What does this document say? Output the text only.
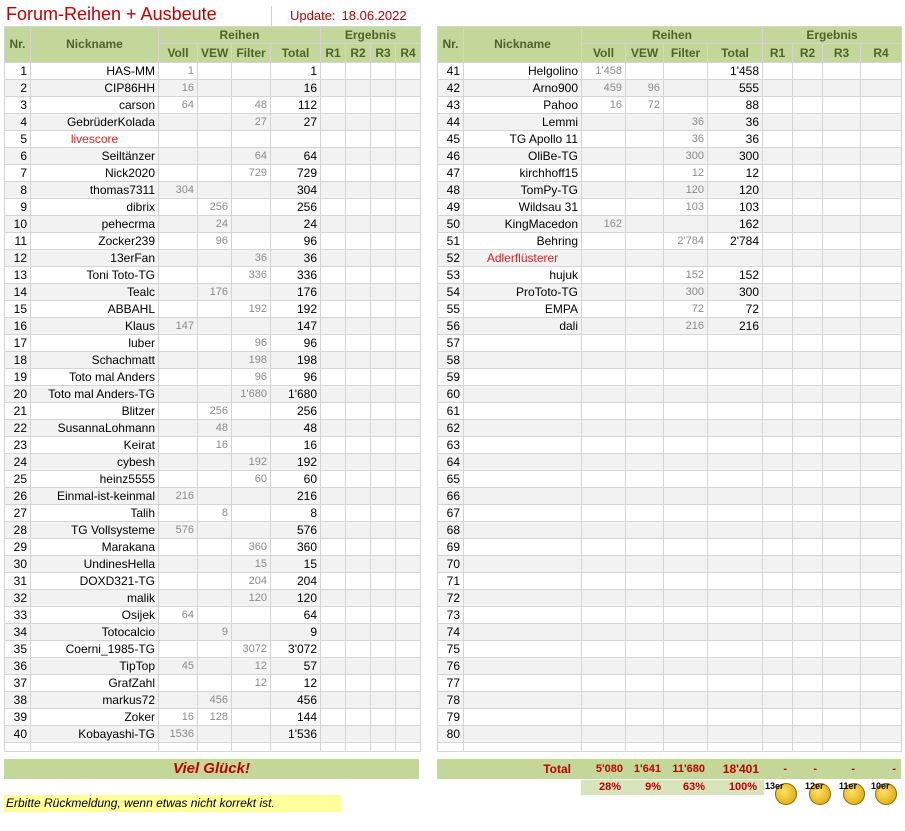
Forum-Reihen + Ausbeute	Update: 18.06.2022
Nr.	Nickname	Reihen				Ergebnis			
		Voll	VEW	Filter	Total	R1	R2	R3	R4
1	HAS-MM	1			1				
2	CIP86HH	16			16				
3	carson	64		48	112				
4	GebrüderKolada			27	27				
5	livescore								
6	Seiltänzer			64	64				
7	Nick2020			729	729				
8	thomas7311	304			304				
9	dibrix		256		256				
10	pehecrma		24		24				
11	Zocker239		96		96				
12	13erFan			36	36				
13	Toni Toto-TG			336	336				
14	Tealc		176		176				
15	ABBAHL			192	192				
16	Klaus	147			147				
17	luber			96	96				
18	Schachmatt			198	198				
19	Toto mal Anders			96	96				
20	Toto mal Anders-TG			1'680	1'680				
21	Blitzer		256		256				
22	SusannaLohmann		48		48				
23	Keirat		16		16				
24	cybesh			192	192				
25	heinz5555			60	60				
26	Einmal-ist-keinmal	216			216				
27	Talih		8		8				
28	TG Vollsysteme	576			576				
29	Marakana			360	360				
30	UndinesHella			15	15				
31	DOXD321-TG			204	204				
32	malik			120	120				
33	Osijek	64			64				
34	Totocalcio		9		9				
35	Coerni_1985-TG			3072	3'072				
36	TipTop	45		12	57				
37	GrafZahl			12	12				
38	markus72		456		456				
39	Zoker	16	128		144				
40	Kobayashi-TG	1536			1'536				

Nr.	Nickname	Reihen				Ergebnis			
		Voll	VEW	Filter	Total	R1	R2	R3	R4
41	Helgolino	1'458			1'458				
42	Arno900	459	96		555				
43	Pahoo	16	72		88				
44	Lemmi			36	36				
45	TG Apollo 11			36	36				
46	OliBe-TG			300	300				
47	kirchhoff15			12	12				
48	TomPy-TG			120	120				
49	Wildsau 31			103	103				
50	KingMacedon	162			162				
51	Behring			2'784	2'784				
52	Adlerflüsterer								
53	hujuk			152	152				
54	ProToto-TG			300	300				
55	EMPA			72	72				
56	dali			216	216				
57									
58									
59									
60									
61									
62									
63									
64									
65									
66									
67									
68									
69									
70									
71									
72									
73									
74									
75									
76									
77									
78									
79									
80									

Viel Glück!	Total	5'080 1'641	11'680	18'401	-	-	-	-
28%	9%	63%	100%
Erbitte Rückmeldung, wenn etwas nicht korrekt ist.
13er 12er 11er 10er
